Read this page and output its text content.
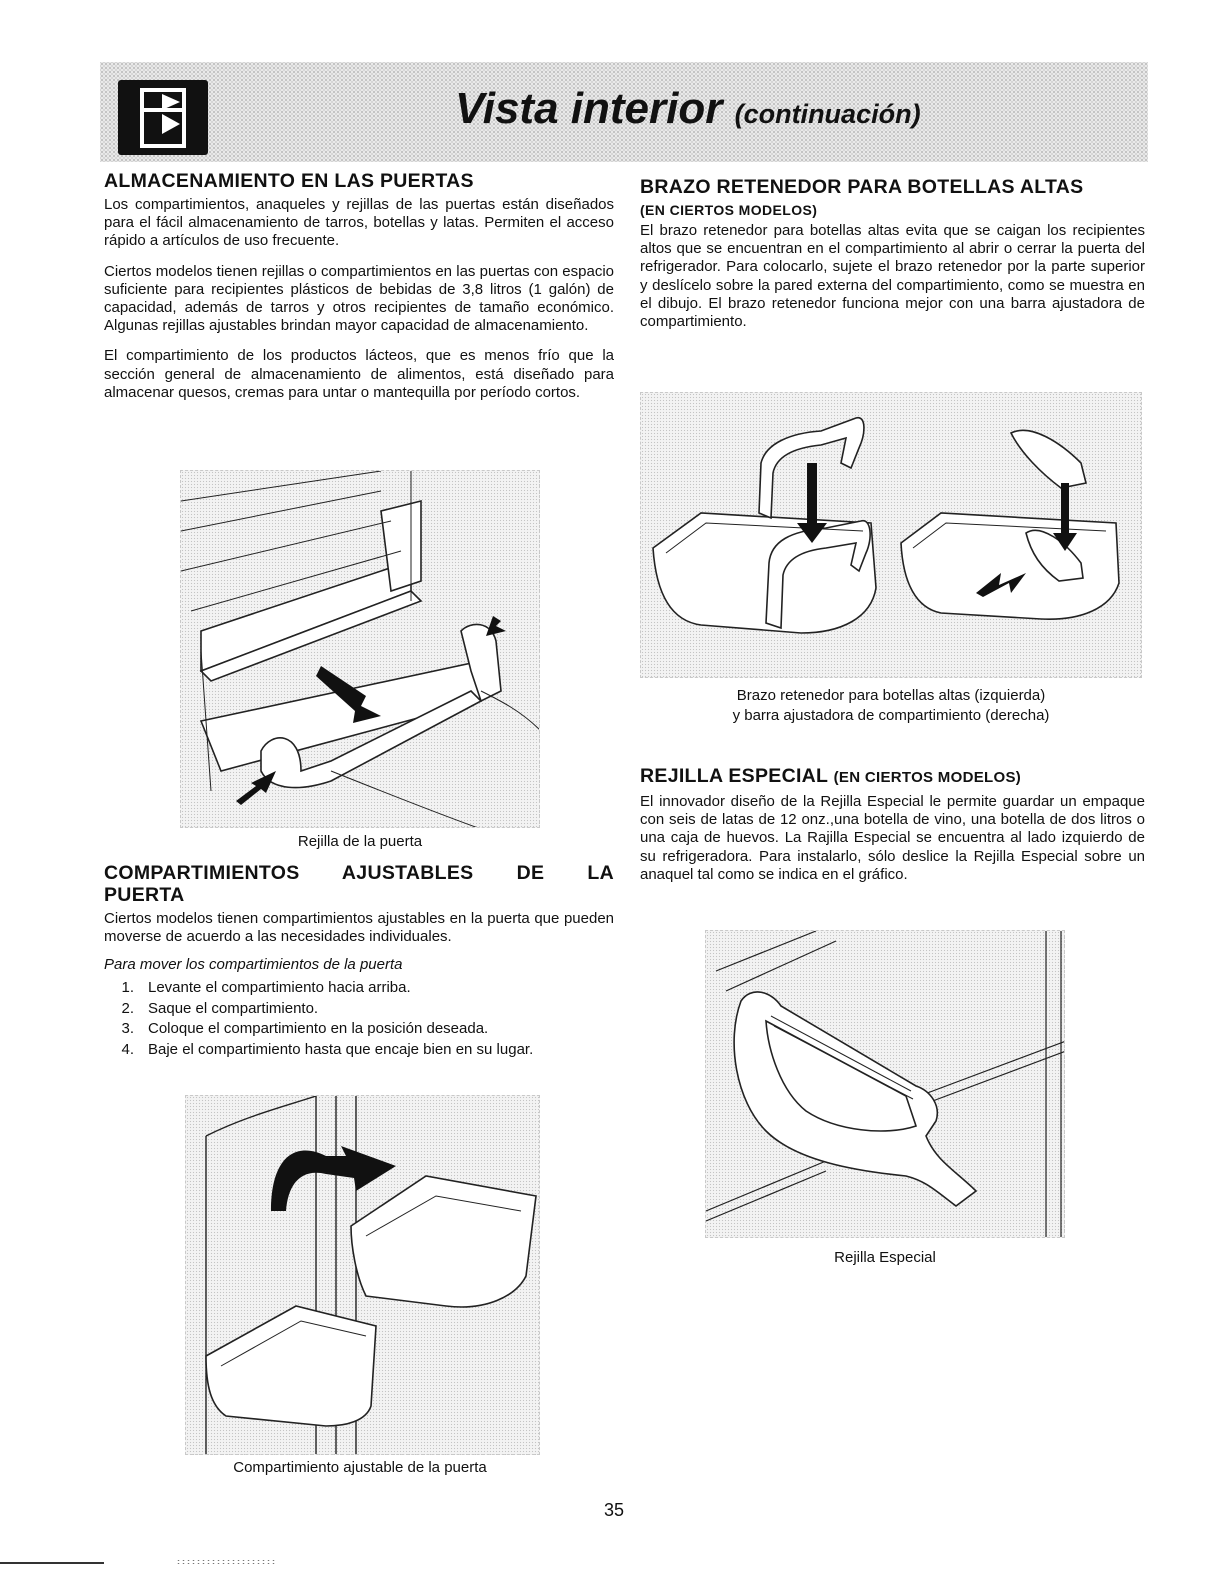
Vista interior (continuación)
ALMACENAMIENTO EN LAS PUERTAS

Los compartimientos, anaqueles y rejillas de las puertas están diseñados para el fácil almacenamiento de tarros, botellas y latas. Permiten el acceso rápido a artículos de uso frecuente.

Ciertos modelos tienen rejillas o compartimientos en las puertas con espacio suficiente para recipientes plásticos de bebidas de 3,8 litros (1 galón) de capacidad, además de tarros y otros recipientes de tamaño económico. Algunas rejillas ajustables brindan mayor capacidad de almacenamiento.

El compartimiento de los productos lácteos, que es menos frío que la sección general de almacenamiento de alimentos, está diseñado para almacenar quesos, cremas para untar o mantequilla por período cortos.

Rejilla de la puerta
COMPARTIMIENTOS AJUSTABLES DE LA
PUERTA

Ciertos modelos tienen compartimientos ajustables en la puerta que pueden moverse de acuerdo a las necesidades individuales.

Para mover los compartimientos de la puerta

1. Levante el compartimiento hacia arriba.
2. Saque el compartimiento.
3. Coloque el compartimiento en la posición deseada.
4. Baje el compartimiento hasta que encaje bien en su lugar.
Compartimiento ajustable de la puerta
BRAZO RETENEDOR PARA BOTELLAS ALTAS
(EN CIERTOS MODELOS)

El brazo retenedor para botellas altas evita que se caigan los recipientes altos que se encuentran en el compartimiento al abrir o cerrar la puerta del refrigerador. Para colocarlo, sujete el brazo retenedor por la parte superior y deslícelo sobre la pared externa del compartimiento, como se muestra en el dibujo. El brazo retenedor funciona mejor con una barra ajustadora de compartimiento.

Brazo retenedor para botellas altas (izquierda)
y barra ajustadora de compartimiento (derecha)
REJILLA ESPECIAL (EN CIERTOS MODELOS)

El innovador diseño de la Rejilla Especial le permite guardar un empaque con seis de latas de 12 onz.,una botella de vino, una botella de dos litros o una caja de huevos. La Rajilla Especial se encuentra al lado izquierdo de su refrigeradora. Para instalarlo, sólo deslice la Rejilla Especial sobre un anaquel tal como se indica en el gráfico.

Rejilla Especial
35
